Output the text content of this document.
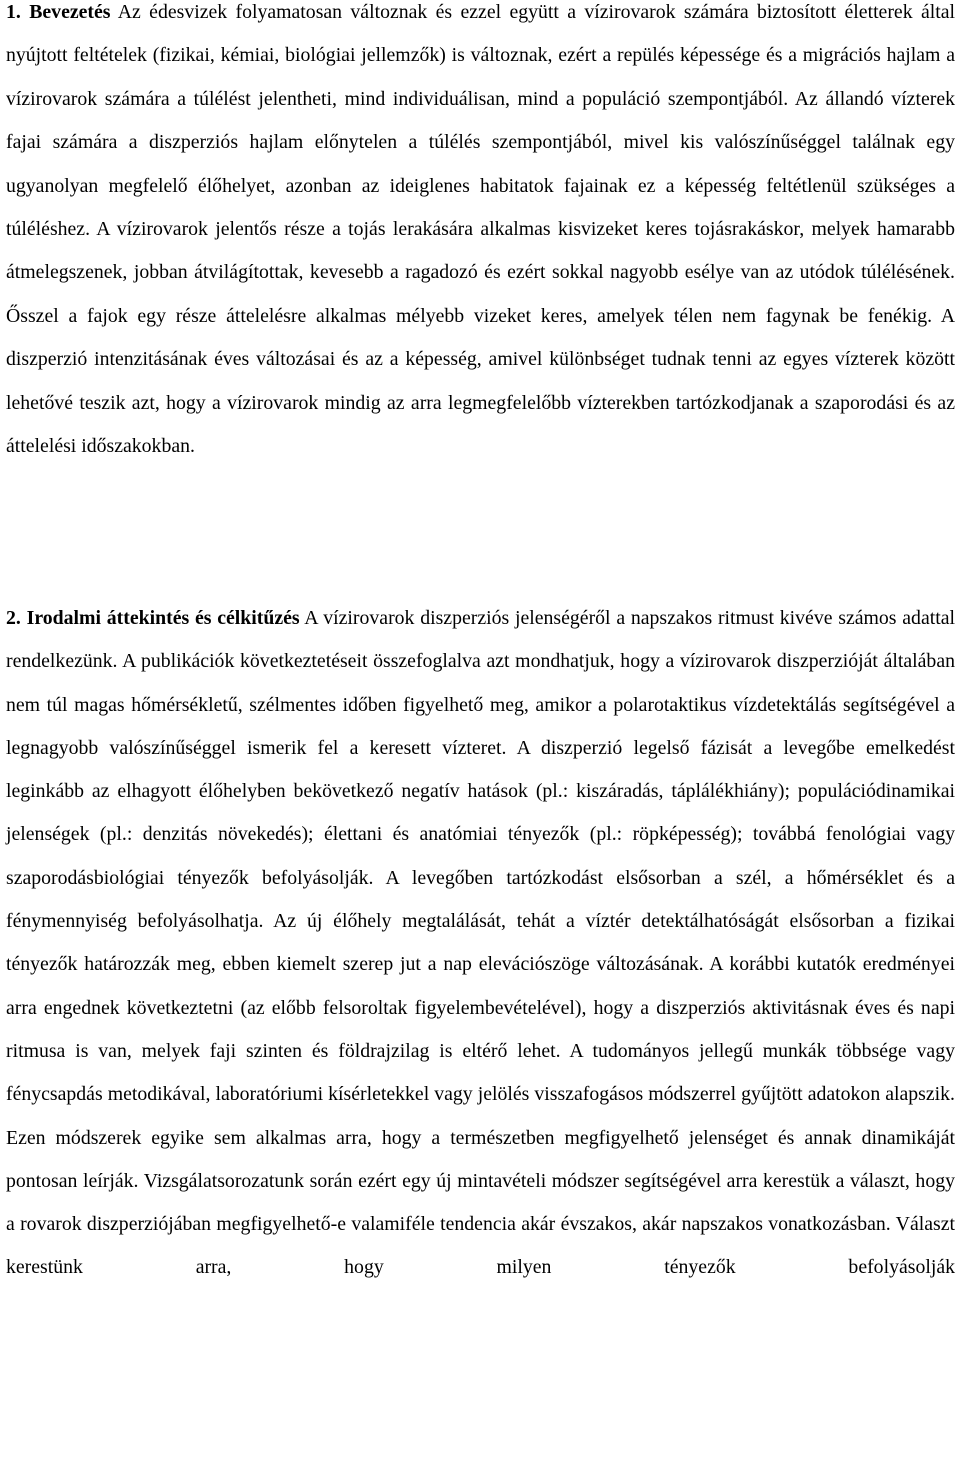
1. Bevezetés Az édesvizek folyamatosan változnak és ezzel együtt a vízirovarok számára biztosított életterek által nyújtott feltételek (fizikai, kémiai, biológiai jellemzők) is változnak, ezért a repülés képessége és a migrációs hajlam a vízirovarok számára a túlélést jelentheti, mind individuálisan, mind a populáció szempontjából. Az állandó vízterek fajai számára a diszperziós hajlam előnytelen a túlélés szempontjából, mivel kis valószínűséggel találnak egy ugyanolyan megfelelő élőhelyet, azonban az ideiglenes habitatok fajainak ez a képesség feltétlenül szükséges a túléléshez. A vízirovarok jelentős része a tojás lerakására alkalmas kisvizeket keres tojásrakáskor, melyek hamarabb átmelegszenek, jobban átvilágítottak, kevesebb a ragadozó és ezért sokkal nagyobb esélye van az utódok túlélésének. Ősszel a fajok egy része áttelelésre alkalmas mélyebb vizeket keres, amelyek télen nem fagynak be fenékig. A diszperzió intenzitásának éves változásai és az a képesség, amivel különbséget tudnak tenni az egyes vízterek között lehetővé teszik azt, hogy a vízirovarok mindig az arra legmegfelelőbb vízterekben tartózkodjanak a szaporodási és az áttelelési időszakokban.

2. Irodalmi áttekintés és célkitűzés A vízirovarok diszperziós jelenségéről a napszakos ritmust kivéve számos adattal rendelkezünk. A publikációk következtetéseit összefoglalva azt mondhatjuk, hogy a vízirovarok diszperzióját általában nem túl magas hőmérsékletű, szélmentes időben figyelhető meg, amikor a polarotaktikus vízdetektálás segítségével a legnagyobb valószínűséggel ismerik fel a keresett vízteret. A diszperzió legelső fázisát a levegőbe emelkedést leginkább az elhagyott élőhelyben bekövetkező negatív hatások (pl.: kiszáradás, táplálékhiány); populációdinamikai jelenségek (pl.: denzitás növekedés); élettani és anatómiai tényezők (pl.: röpképesség); továbbá fenológiai vagy szaporodásbiológiai tényezők befolyásolják. A levegőben tartózkodást elsősorban a szél, a hőmérséklet és a fénymennyiség befolyásolhatja. Az új élőhely megtalálását, tehát a víztér detektálhatóságát elsősorban a fizikai tényezők határozzák meg, ebben kiemelt szerep jut a nap elevációszöge változásának. A korábbi kutatók eredményei arra engednek következtetni (az előbb felsoroltak figyelembevételével), hogy a diszperziós aktivitásnak éves és napi ritmusa is van, melyek faji szinten és földrajzilag is eltérő lehet. A tudományos jellegű munkák többsége vagy fénycsapdás metodikával, laboratóriumi kísérletekkel vagy jelölés visszafogásos módszerrel gyűjtött adatokon alapszik. Ezen módszerek egyike sem alkalmas arra, hogy a természetben megfigyelhető jelenséget és annak dinamikáját pontosan leírják. Vizsgálatsorozatunk során ezért egy új mintavételi módszer segítségével arra kerestük a választ, hogy a rovarok diszperziójában megfigyelhető-e valamiféle tendencia akár évszakos, akár napszakos vonatkozásban. Választ kerestünk arra, hogy milyen tényezők befolyásolják
